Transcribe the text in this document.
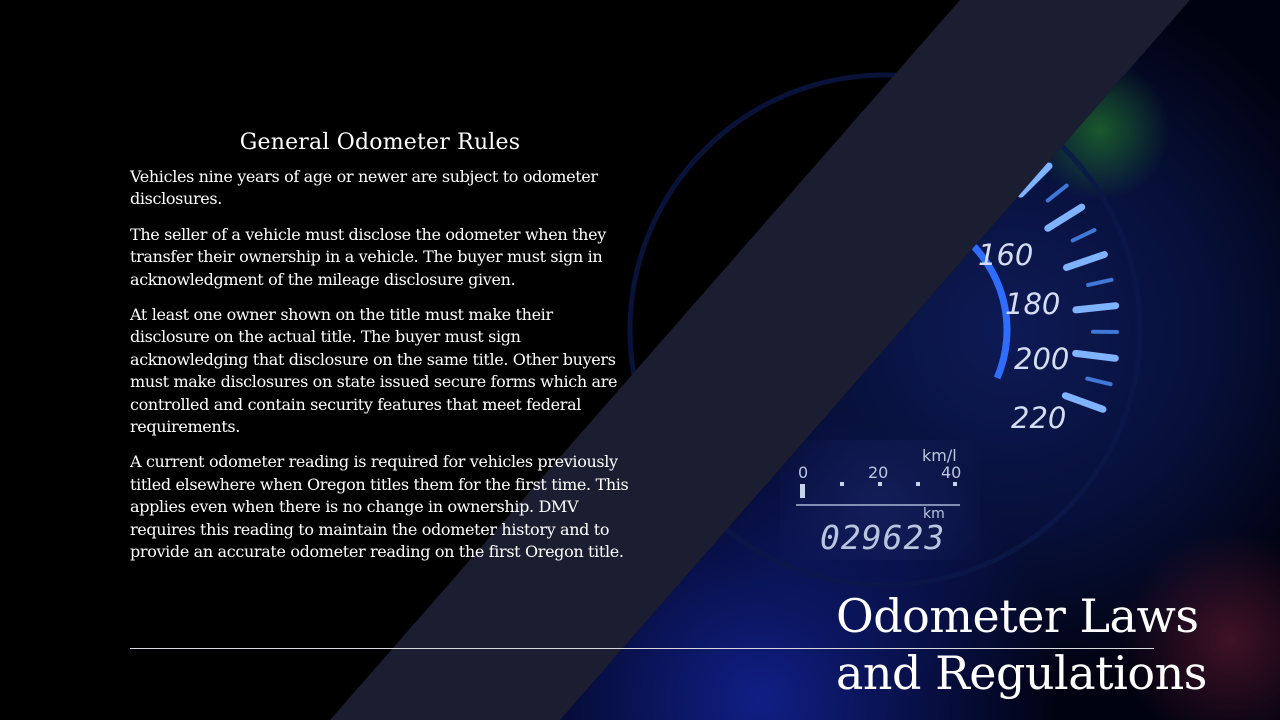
160
180
200
220
km/l
0	20	40
km
029623
General Odometer Rules

Vehicles nine years of age or newer are subject to odometer disclosures.

The seller of a vehicle must disclose the odometer when they transfer their ownership in a vehicle. The buyer must sign in acknowledgment of the mileage disclosure given.

At least one owner shown on the title must make their disclosure on the actual title. The buyer must sign acknowledging that disclosure on the same title. Other buyers must make disclosures on state issued secure forms which are controlled and contain security features that meet federal requirements.

A current odometer reading is required for vehicles previously titled elsewhere when Oregon titles them for the first time. This applies even when there is no change in ownership. DMV requires this reading to maintain the odometer history and to provide an accurate odometer reading on the first Oregon title.

Odometer Laws
and Regulations
